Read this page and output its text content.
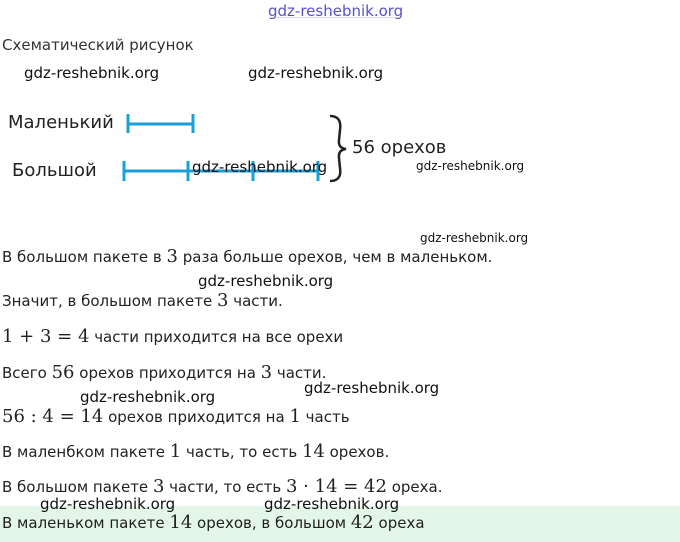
gdz-reshebnik.org
Схематический рисунок
gdz-reshebnik.org	gdz-reshebnik.org
Маленький
Большой
56 орехов
gdz-reshebnik.org	gdz-reshebnik.org
gdz-reshebnik.org
В большом пакете в 3 раза больше орехов, чем в маленьком.
gdz-reshebnik.org
Значит, в большом пакете 3 части.
1 + 3 = 4 части приходится на все орехи
Всего 56 орехов приходится на 3 части.
gdz-reshebnik.org
gdz-reshebnik.org
56 : 4 = 14 орехов приходится на 1 часть
В маленбком пакете 1 часть, то есть 14 орехов.
В большом пакете 3 части, то есть 3 · 14 = 42 ореха.
gdz-reshebnik.org	gdz-reshebnik.org
В маленьком пакете 14 орехов, в большом 42 ореха
